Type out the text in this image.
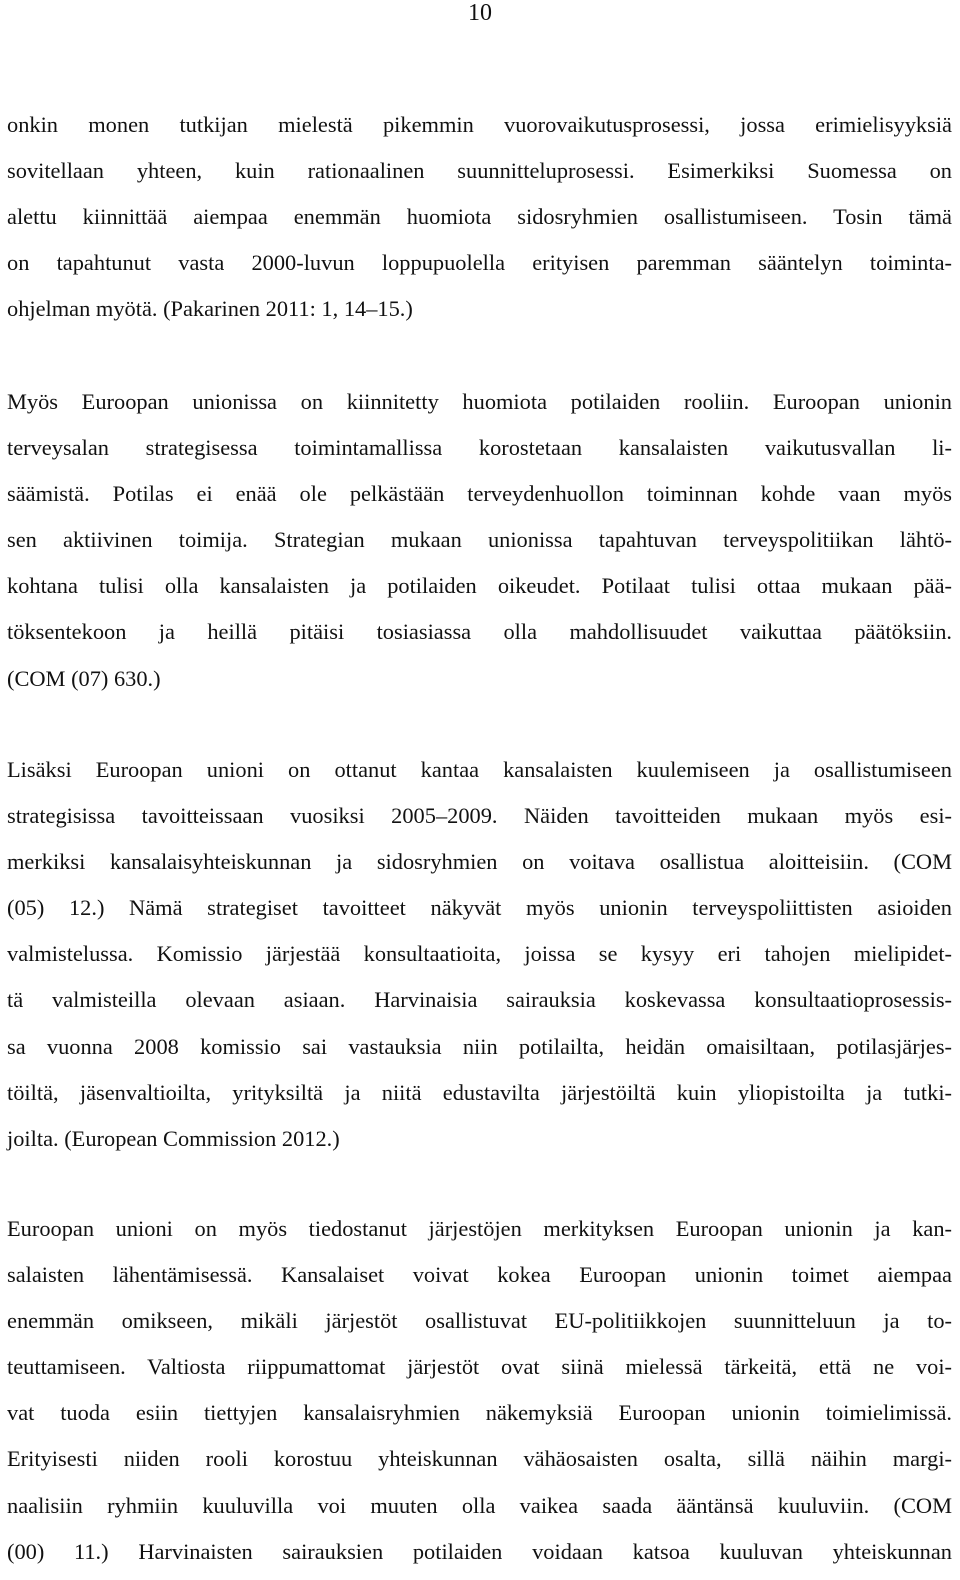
10
onkin monen tutkijan mielestä pikemmin vuorovaikutusprosessi, jossa erimielisyyksiä
sovitellaan yhteen, kuin rationaalinen suunnitteluprosessi. Esimerkiksi Suomessa on
alettu kiinnittää aiempaa enemmän huomiota sidosryhmien osallistumiseen. Tosin tämä
on tapahtunut vasta 2000-luvun loppupuolella erityisen paremman sääntelyn toiminta-
ohjelman myötä. (Pakarinen 2011: 1, 14‒15.)
Myös Euroopan unionissa on kiinnitetty huomiota potilaiden rooliin. Euroopan unionin
terveysalan strategisessa toimintamallissa korostetaan kansalaisten vaikutusvallan li-
säämistä. Potilas ei enää ole pelkästään terveydenhuollon toiminnan kohde vaan myös
sen aktiivinen toimija. Strategian mukaan unionissa tapahtuvan terveyspolitiikan lähtö-
kohtana tulisi olla kansalaisten ja potilaiden oikeudet. Potilaat tulisi ottaa mukaan pää-
töksentekoon ja heillä pitäisi tosiasiassa olla mahdollisuudet vaikuttaa päätöksiin.
(COM (07) 630.)
Lisäksi Euroopan unioni on ottanut kantaa kansalaisten kuulemiseen ja osallistumiseen
strategisissa tavoitteissaan vuosiksi 2005‒2009. Näiden tavoitteiden mukaan myös esi-
merkiksi kansalaisyhteiskunnan ja sidosryhmien on voitava osallistua aloitteisiin. (COM
(05) 12.) Nämä strategiset tavoitteet näkyvät myös unionin terveyspoliittisten asioiden
valmistelussa. Komissio järjestää konsultaatioita, joissa se kysyy eri tahojen mielipidet-
tä valmisteilla olevaan asiaan. Harvinaisia sairauksia koskevassa konsultaatioprosessis-
sa vuonna 2008 komissio sai vastauksia niin potilailta, heidän omaisiltaan, potilasjärjes-
töiltä, jäsenvaltioilta, yrityksiltä ja niitä edustavilta järjestöiltä kuin yliopistoilta ja tutki-
joilta. (European Commission 2012.)
Euroopan unioni on myös tiedostanut järjestöjen merkityksen Euroopan unionin ja kan-
salaisten lähentämisessä. Kansalaiset voivat kokea Euroopan unionin toimet aiempaa
enemmän omikseen, mikäli järjestöt osallistuvat EU-politiikkojen suunnitteluun ja to-
teuttamiseen. Valtiosta riippumattomat järjestöt ovat siinä mielessä tärkeitä, että ne voi-
vat tuoda esiin tiettyjen kansalaisryhmien näkemyksiä Euroopan unionin toimielimissä.
Erityisesti niiden rooli korostuu yhteiskunnan vähäosaisten osalta, sillä näihin margi-
naalisiin ryhmiin kuuluvilla voi muuten olla vaikea saada ääntänsä kuuluviin. (COM
(00) 11.) Harvinaisten sairauksien potilaiden voidaan katsoa kuuluvan yhteiskunnan
